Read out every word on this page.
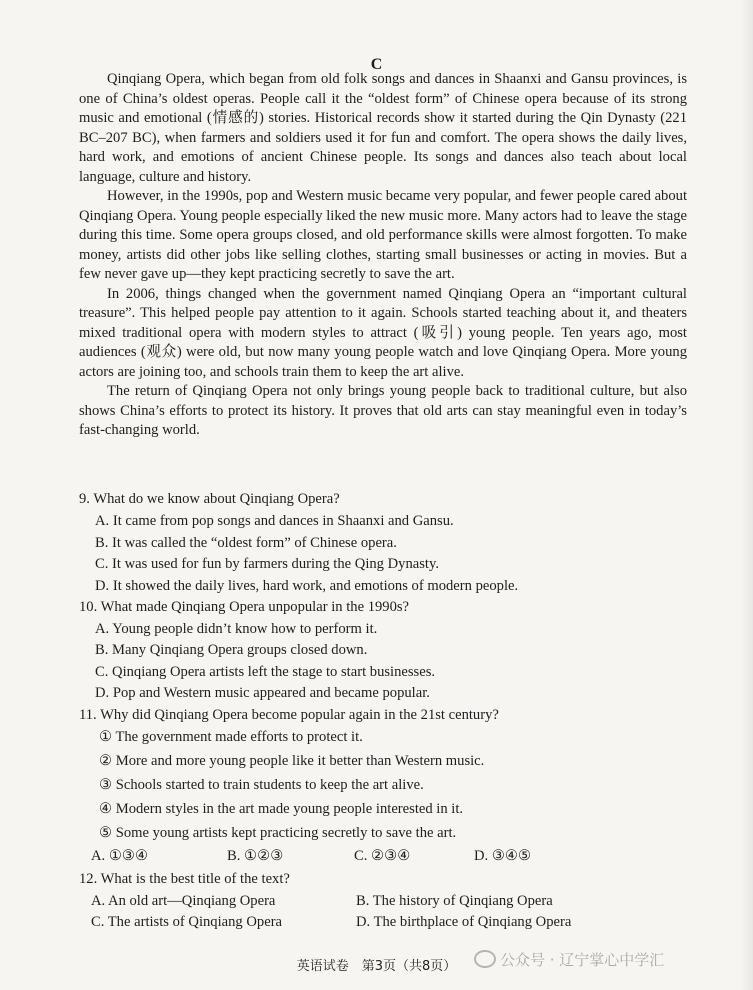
C

Qinqiang Opera, which began from old folk songs and dances in Shaanxi and Gansu provinces, is one of China’s oldest operas. People call it the “oldest form” of Chinese opera because of its strong music and emotional (情感的) stories. Historical records show it started during the Qin Dynasty (221 BC–207 BC), when farmers and soldiers used it for fun and comfort. The opera shows the daily lives, hard work, and emotions of ancient Chinese people. Its songs and dances also teach about local language, culture and history.

However, in the 1990s, pop and Western music became very popular, and fewer people cared about Qinqiang Opera. Young people especially liked the new music more. Many actors had to leave the stage during this time. Some opera groups closed, and old performance skills were almost forgotten. To make money, artists did other jobs like selling clothes, starting small businesses or acting in movies. But a few never gave up—they kept practicing secretly to save the art.

In 2006, things changed when the government named Qinqiang Opera an “important cultural treasure”. This helped people pay attention to it again. Schools started teaching about it, and theaters mixed traditional opera with modern styles to attract (吸引) young people. Ten years ago, most audiences (观众) were old, but now many young people watch and love Qinqiang Opera. More young actors are joining too, and schools train them to keep the art alive.

The return of Qinqiang Opera not only brings young people back to traditional culture, but also shows China’s efforts to protect its history. It proves that old arts can stay meaningful even in today’s fast-changing world.

9. What do we know about Qinqiang Opera?
A. It came from pop songs and dances in Shaanxi and Gansu.
B. It was called the “oldest form” of Chinese opera.
C. It was used for fun by farmers during the Qing Dynasty.
D. It showed the daily lives, hard work, and emotions of modern people.
10. What made Qinqiang Opera unpopular in the 1990s?
A. Young people didn’t know how to perform it.
B. Many Qinqiang Opera groups closed down.
C. Qinqiang Opera artists left the stage to start businesses.
D. Pop and Western music appeared and became popular.
11. Why did Qinqiang Opera become popular again in the 21st century?
① The government made efforts to protect it.
② More and more young people like it better than Western music.
③ Schools started to train students to keep the art alive.
④ Modern styles in the art made young people interested in it.
⑤ Some young artists kept practicing secretly to save the art.
A. ①③④	B. ①②③	C. ②③④	D. ③④⑤
12. What is the best title of the text?
A. An old art—Qinqiang Opera	B. The history of Qinqiang Opera
C. The artists of Qinqiang Opera	D. The birthplace of Qinqiang Opera
英语试卷　第3页（共8页）	公众号 · 辽宁掌心中学汇
